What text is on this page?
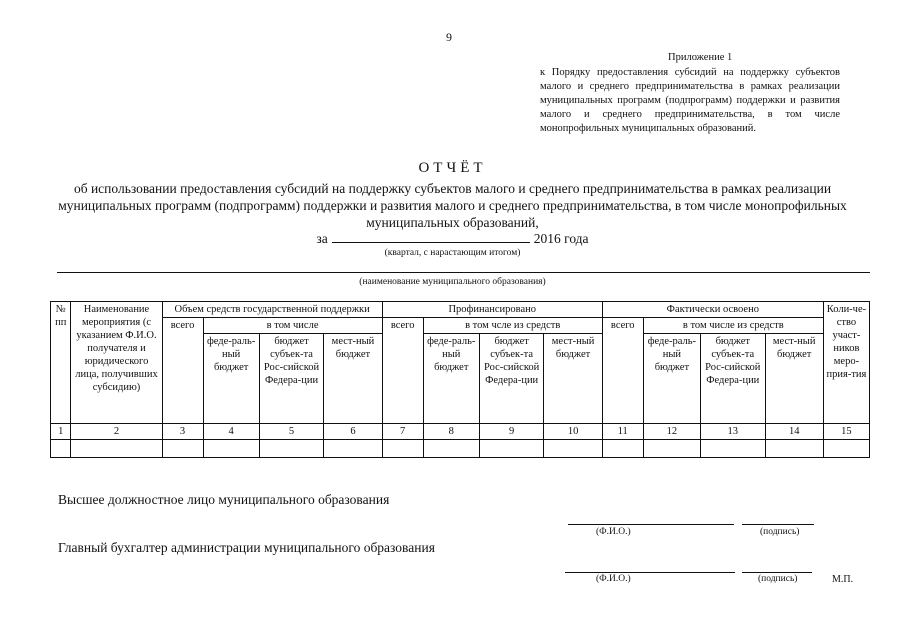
9
Приложение 1
к Порядку предоставления субсидий на поддержку субъектов малого и среднего предпринимательства в рамках реализации муниципальных программ (подпрограмм) поддержки и развития малого и среднего предпринимательства, в том числе монопрофильных муниципальных образований.
ОТЧЁТ
об использовании предоставления субсидий на поддержку субъектов малого и среднего предпринимательства в рамках реализации муниципальных программ (подпрограмм) поддержки и развития малого и среднего предпринимательства, в том числе монопрофильных муниципальных образований,
за	2016 года
(квартал, с нарастающим итогом)
(наименование муниципального образования)
№ пп	Наименование мероприятия (с указанием Ф.И.О. получателя и юридического лица, получивших субсидию)	Объем средств государственной поддержки				Профинансировано				Фактически освоено				Коли-че-ство участ-ников меро-прия-тия
		всего	в том числе			всего	в том чсле из средств			всего	в том числе из средств			
			феде-раль-ный бюджет	бюджет субъек-та Рос-сийской Федера-ции	мест-ный бюджет		феде-раль-ный бюджет	бюджет субъек-та Рос-сийской Федера-ции	мест-ный бюджет		феде-раль-ный бюджет	бюджет субъек-та Рос-сийской Федера-ции	мест-ный бюджет	
1	2	3	4	5	6	7	8	9	10	11	12	13	14	15

Высшее должностное лицо муниципального образования
(Ф.И.О.)	(подпись)
Главный бухгалтер администрации муниципального образования
(Ф.И.О.)	(подпись)	М.П.
